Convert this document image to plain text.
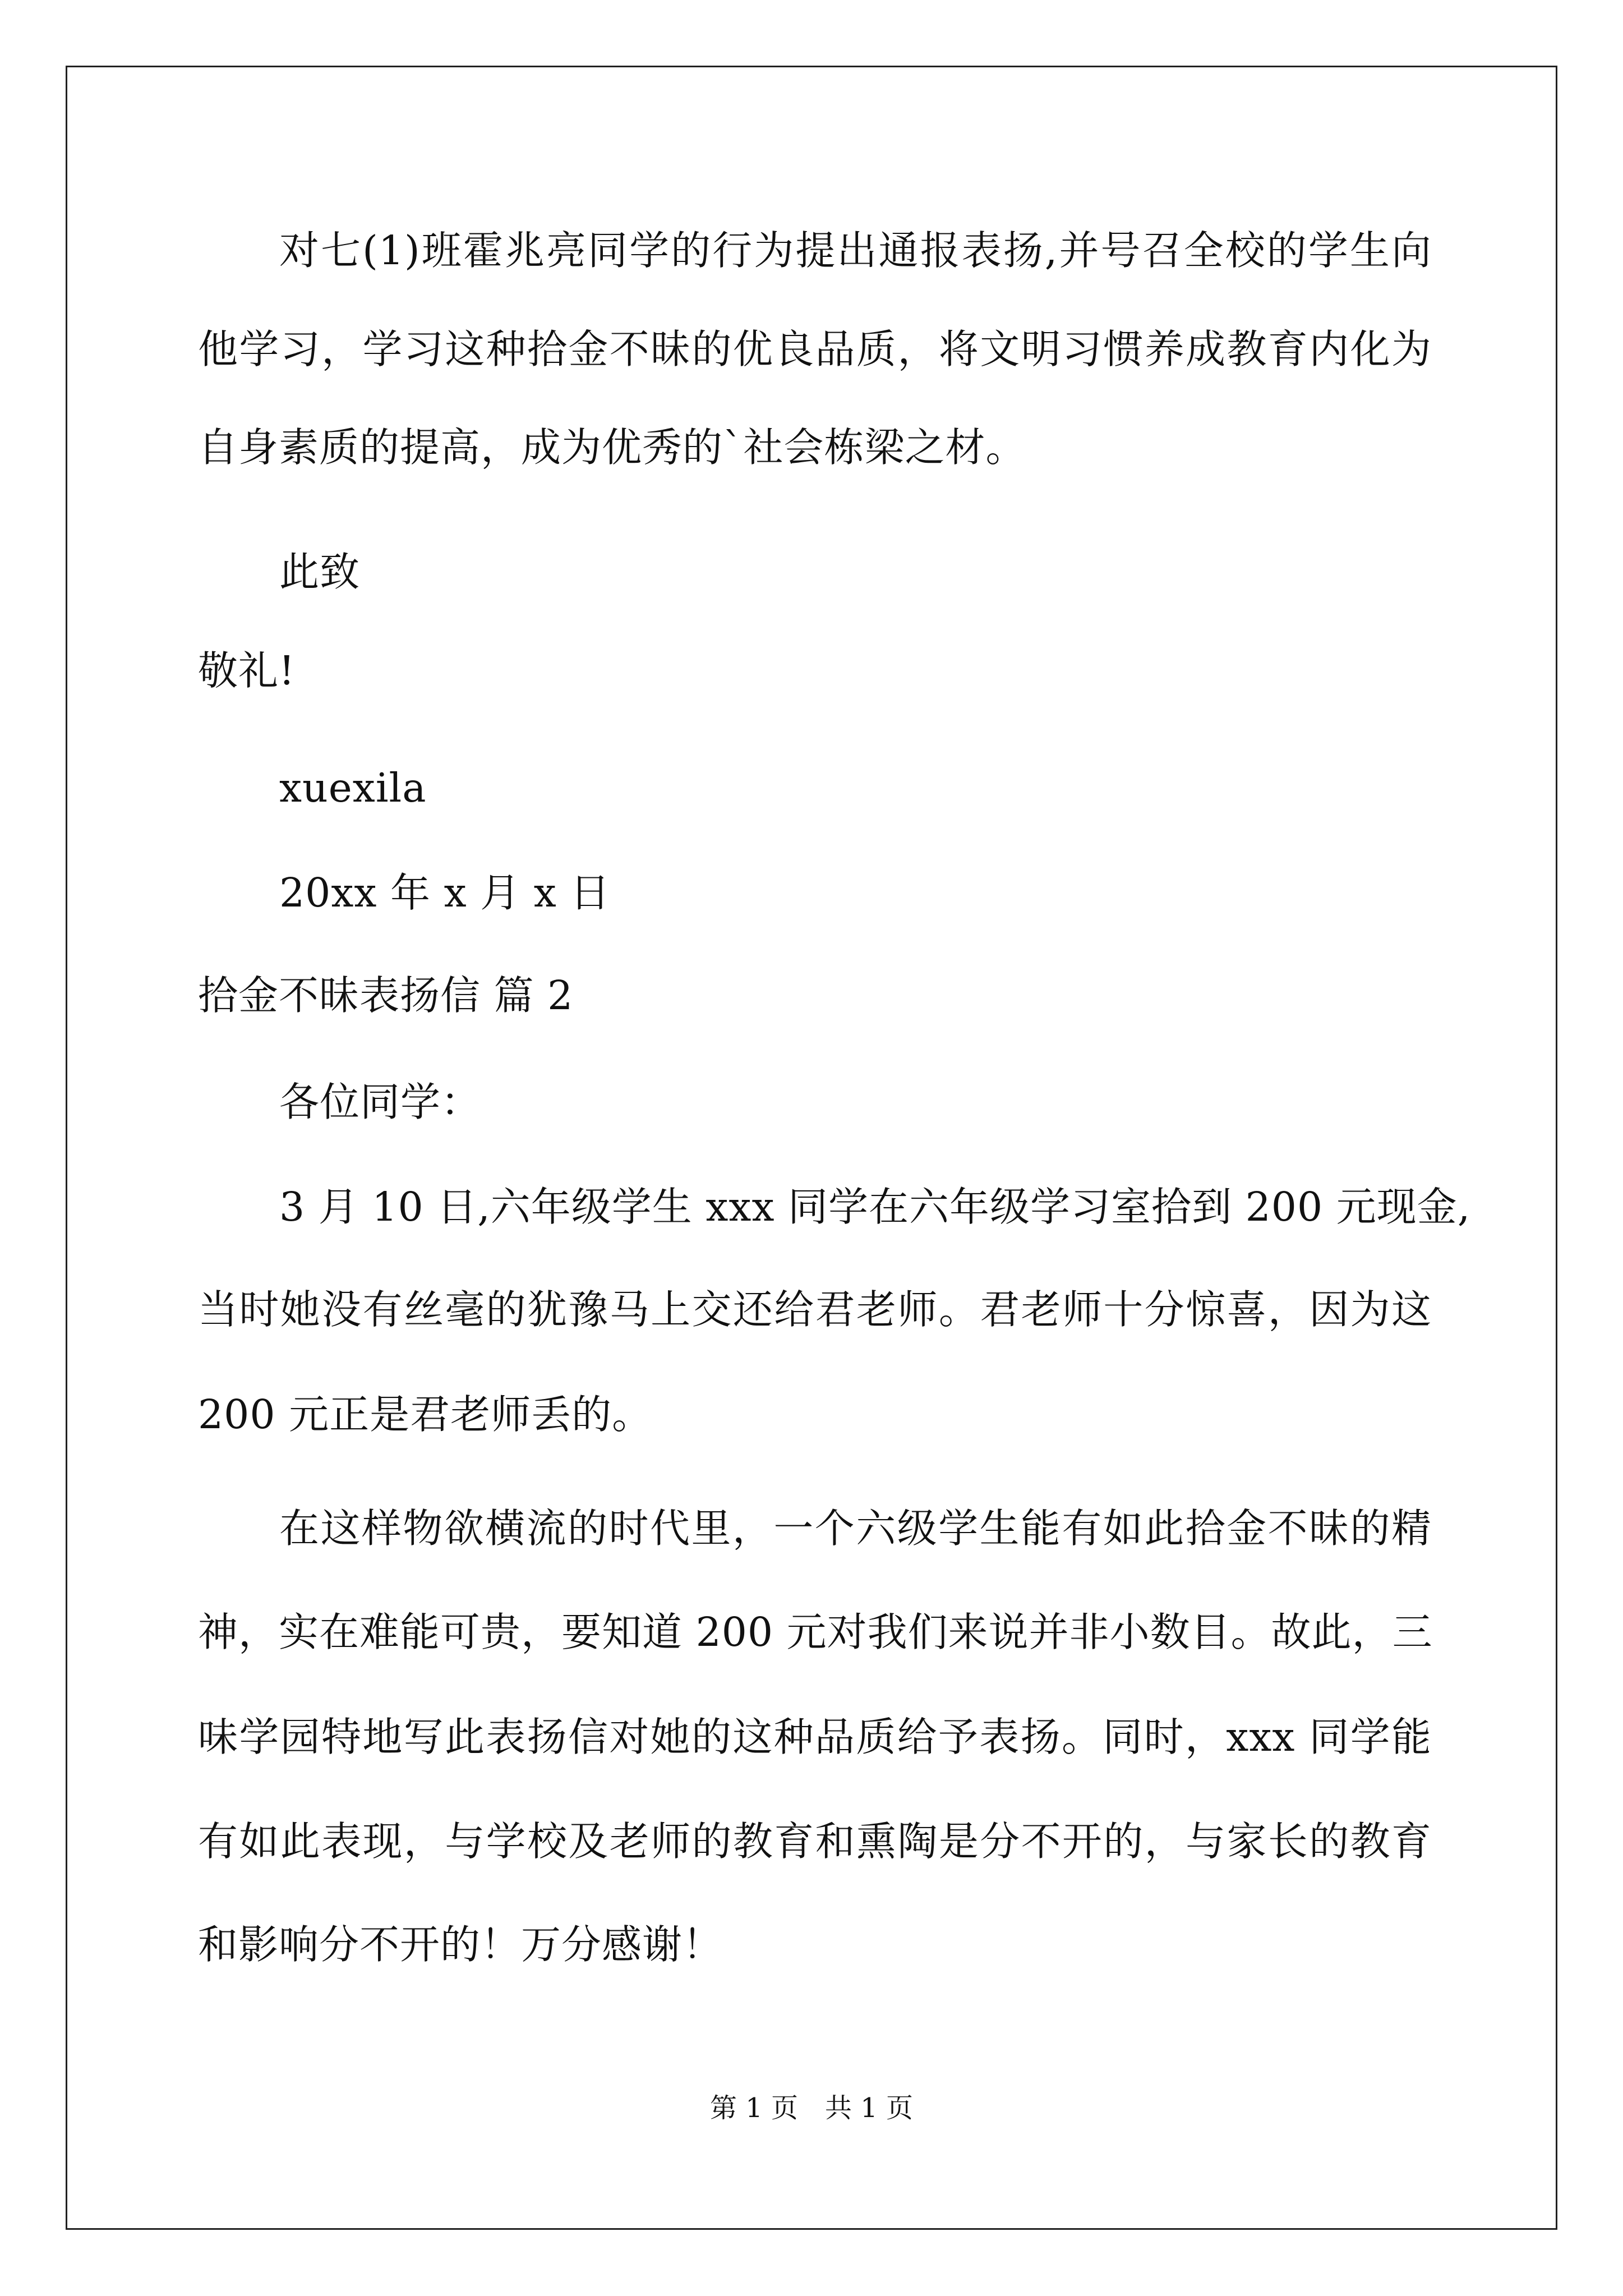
对七(1)班霍兆亮同学的行为提出通报表扬,并号召全校的学生向
他学习，学习这种拾金不昧的优良品质，将文明习惯养成教育内化为
自身素质的提高，成为优秀的`社会栋梁之材。
此致
敬礼!
xuexila
20xx 年 x 月 x 日
拾金不昧表扬信 篇 2
各位同学：
3 月 10 日,六年级学生 xxx 同学在六年级学习室拾到 200 元现金,
当时她没有丝毫的犹豫马上交还给君老师。君老师十分惊喜，因为这
200 元正是君老师丢的。
在这样物欲横流的时代里，一个六级学生能有如此拾金不昧的精
神，实在难能可贵，要知道 200 元对我们来说并非小数目。故此，三
味学园特地写此表扬信对她的这种品质给予表扬。同时，xxx 同学能
有如此表现，与学校及老师的教育和熏陶是分不开的，与家长的教育
和影响分不开的！万分感谢！
第 1 页　共 1 页
